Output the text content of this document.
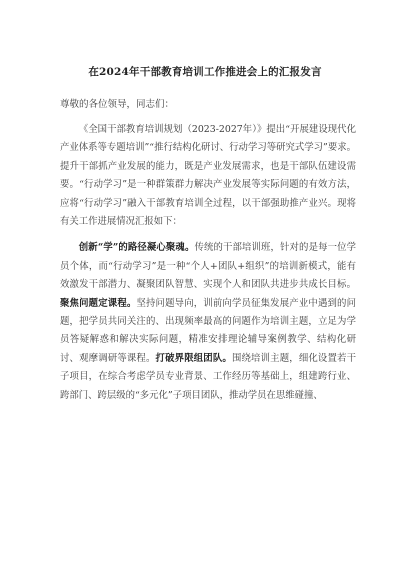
在2024年干部教育培训工作推进会上的汇报发言
尊敬的各位领导，同志们：

《全国干部教育培训规划（2023-2027年）》提出“开展建设现代化产业体系等专题培训”“推行结构化研讨、行动学习等研究式学习”要求。提升干部抓产业发展的能力，既是产业发展需求，也是干部队伍建设需要。“行动学习”是一种群策群力解决产业发展等实际问题的有效方法，应将“行动学习”融入干部教育培训全过程，以干部强助推产业兴。现将有关工作进展情况汇报如下：

创新“学”的路径凝心聚魂。传统的干部培训班，针对的是每一位学员个体，而“行动学习”是一种“个人+团队+组织”的培训新模式，能有效激发干部潜力、凝聚团队智慧、实现个人和团队共进步共成长目标。聚焦问题定课程。坚持问题导向，训前向学员征集发展产业中遇到的问题，把学员共同关注的、出现频率最高的问题作为培训主题，立足为学员答疑解惑和解决实际问题，精准安排理论辅导案例教学、结构化研讨、观摩调研等课程。打破界限组团队。围绕培训主题，细化设置若干子项目，在综合考虑学员专业背景、工作经历等基础上，组建跨行业、跨部门、跨层级的“多元化”子项目团队，推动学员在思维碰撞、
